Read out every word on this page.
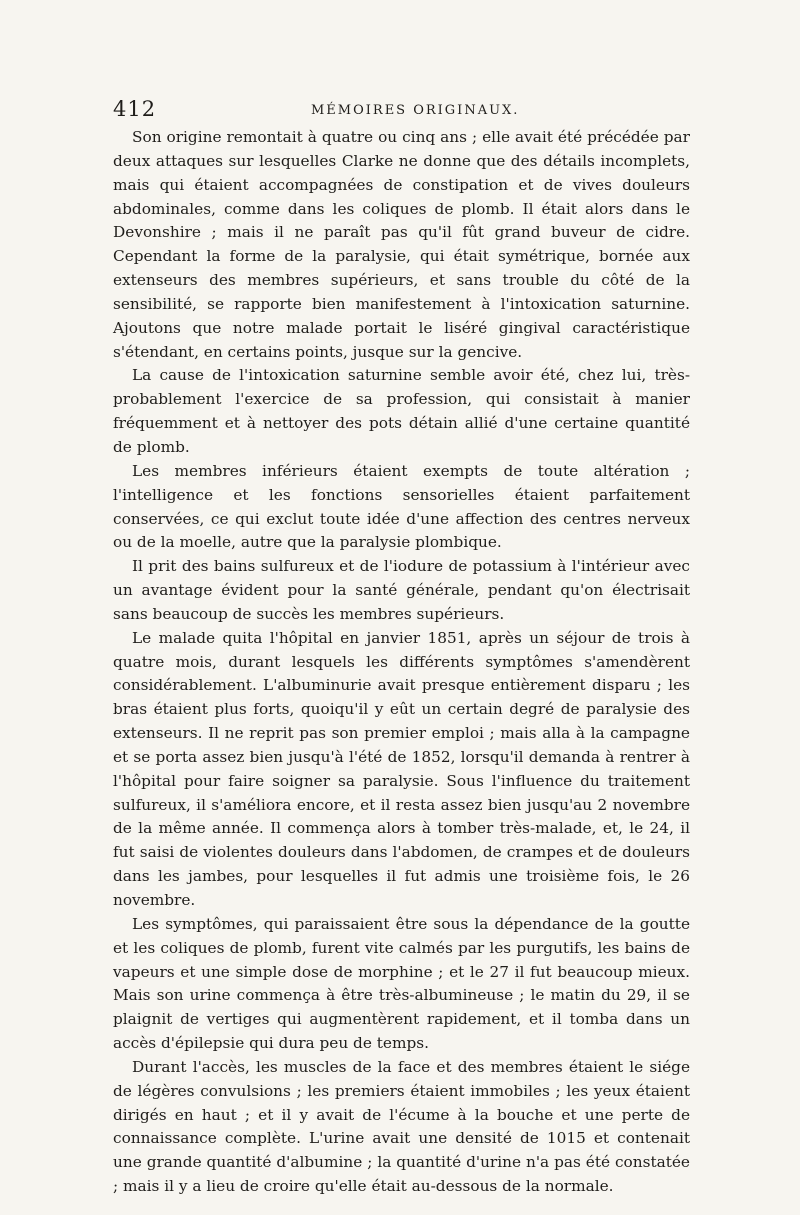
412	MÉMOIRES ORIGINAUX.

Son origine remontait à quatre ou cinq ans ; elle avait été précédée par deux attaques sur lesquelles Clarke ne donne que des détails incomplets, mais qui étaient accompagnées de constipation et de vives douleurs abdominales, comme dans les coliques de plomb. Il était alors dans le Devonshire ; mais il ne paraît pas qu'il fût grand buveur de cidre. Cependant la forme de la paralysie, qui était symétrique, bornée aux extenseurs des membres supérieurs, et sans trouble du côté de la sensibilité, se rapporte bien manifestement à l'intoxication saturnine. Ajoutons que notre malade portait le liséré gingival caractéristique s'étendant, en certains points, jusque sur la gencive.

La cause de l'intoxication saturnine semble avoir été, chez lui, très-probablement l'exercice de sa profession, qui consistait à manier fréquemment et à nettoyer des pots détain allié d'une certaine quantité de plomb.

Les membres inférieurs étaient exempts de toute altération ; l'intelligence et les fonctions sensorielles étaient parfaitement conservées, ce qui exclut toute idée d'une affection des centres nerveux ou de la moelle, autre que la paralysie plombique.

Il prit des bains sulfureux et de l'iodure de potassium à l'intérieur avec un avantage évident pour la santé générale, pendant qu'on électrisait sans beaucoup de succès les membres supérieurs.

Le malade quita l'hôpital en janvier 1851, après un séjour de trois à quatre mois, durant lesquels les différents symptômes s'amendèrent considérablement. L'albuminurie avait presque entièrement disparu ; les bras étaient plus forts, quoiqu'il y eût un certain degré de paralysie des extenseurs. Il ne reprit pas son premier emploi ; mais alla à la campagne et se porta assez bien jusqu'à l'été de 1852, lorsqu'il demanda à rentrer à l'hôpital pour faire soigner sa paralysie. Sous l'influence du traitement sulfureux, il s'améliora encore, et il resta assez bien jusqu'au 2 novembre de la même année. Il commença alors à tomber très-malade, et, le 24, il fut saisi de violentes douleurs dans l'abdomen, de crampes et de douleurs dans les jambes, pour lesquelles il fut admis une troisième fois, le 26 novembre.

Les symptômes, qui paraissaient être sous la dépendance de la goutte et les coliques de plomb, furent vite calmés par les purgutifs, les bains de vapeurs et une simple dose de morphine ; et le 27 il fut beaucoup mieux. Mais son urine commença à être très-albumineuse ; le matin du 29, il se plaignit de vertiges qui augmentèrent rapidement, et il tomba dans un accès d'épilepsie qui dura peu de temps.

Durant l'accès, les muscles de la face et des membres étaient le siége de légères convulsions ; les premiers étaient immobiles ; les yeux étaient dirigés en haut ; et il y avait de l'écume à la bouche et une perte de connaissance complète. L'urine avait une densité de 1015 et contenait une grande quantité d'albumine ; la quantité d'urine n'a pas été constatée ; mais il y a lieu de croire qu'elle était au-dessous de la normale.
